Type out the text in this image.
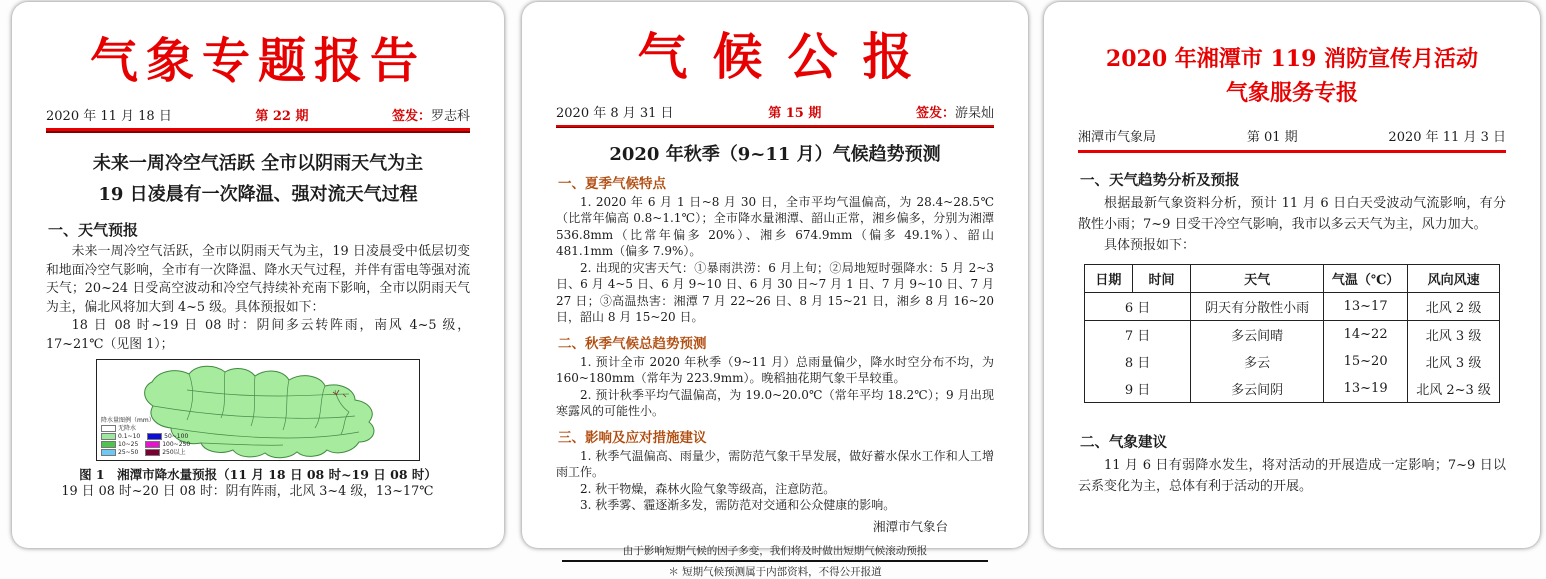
气象专题报告
2020 年 11 月 18 日	第 22 期	签发：罗志科
未来一周冷空气活跃 全市以阴雨天气为主
19 日凌晨有一次降温、强对流天气过程
一、天气预报

未来一周冷空气活跃，全市以阴雨天气为主，19 日凌晨受中低层切变和地面冷空气影响，全市有一次降温、降水天气过程，并伴有雷电等强对流天气；20~24 日受高空波动和冷空气持续补充南下影响，全市以阴雨天气为主，偏北风将加大到 4~5 级。具体预报如下：

18 日 08 时~19 日 08 时：阴间多云转阵雨，南风 4~5 级，17~21℃（见图 1）；

降水量图例（mm）
无降水
0.1~10	50~100
10~25	100~250
25~50	250以上
图 1　湘潭市降水量预报（11 月 18 日 08 时~19 日 08 时）

19 日 08 时~20 日 08 时：阴有阵雨，北风 3~4 级，13~17℃

气候公报
2020 年 8 月 31 日	第 15 期	签发：游杲灿
2020 年秋季（9~11 月）气候趋势预测
一、夏季气候特点

1. 2020 年 6 月 1 日~8 月 30 日，全市平均气温偏高，为 28.4~28.5℃（比常年偏高 0.8~1.1℃）；全市降水量湘潭、韶山正常，湘乡偏多，分别为湘潭 536.8mm（比常年偏多 20%）、湘乡 674.9mm（偏多 49.1%）、韶山 481.1mm（偏多 7.9%）。

2. 出现的灾害天气：①暴雨洪涝：6 月上旬；②局地短时强降水：5 月 2~3 日、6 月 4~5 日、6 月 9~10 日、6 月 30 日~7 月 1 日、7 月 9~10 日、7 月 27 日；③高温热害：湘潭 7 月 22~26 日、8 月 15~21 日，湘乡 8 月 16~20 日，韶山 8 月 15~20 日。

二、秋季气候总趋势预测

1. 预计全市 2020 年秋季（9~11 月）总雨量偏少，降水时空分布不均，为 160~180mm（常年为 223.9mm）。晚稻抽花期气象干旱较重。

2. 预计秋季平均气温偏高，为 19.0~20.0℃（常年平均 18.2℃）；9 月出现寒露风的可能性小。

三、影响及应对措施建议

1. 秋季气温偏高、雨量少，需防范气象干旱发展，做好蓄水保水工作和人工增雨工作。

2. 秋干物燥，森林火险气象等级高，注意防范。

3. 秋季雾、霾逐渐多发，需防范对交通和公众健康的影响。

湘潭市气象台
由于影响短期气候的因子多变，我们将及时做出短期气候滚动预报
＊ 短期气候预测属于内部资料，不得公开报道
2020 年湘潭市 119 消防宣传月活动
气象服务专报
湘潭市气象局	第 01 期	2020 年 11 月 3 日
一、天气趋势分析及预报

根据最新气象资料分析，预计 11 月 6 日白天受波动气流影响，有分散性小雨；7~9 日受干冷空气影响，我市以多云天气为主，风力加大。

具体预报如下：

日期	时间	天气	气温（℃）	风向风速
6 日		阴天有分散性小雨	13~17	北风 2 级
7 日		多云间晴	14~22	北风 3 级
8 日		多云	15~20	北风 3 级
9 日		多云间阴	13~19	北风 2~3 级
二、气象建议

11 月 6 日有弱降水发生，将对活动的开展造成一定影响；7~9 日以云系变化为主，总体有利于活动的开展。
